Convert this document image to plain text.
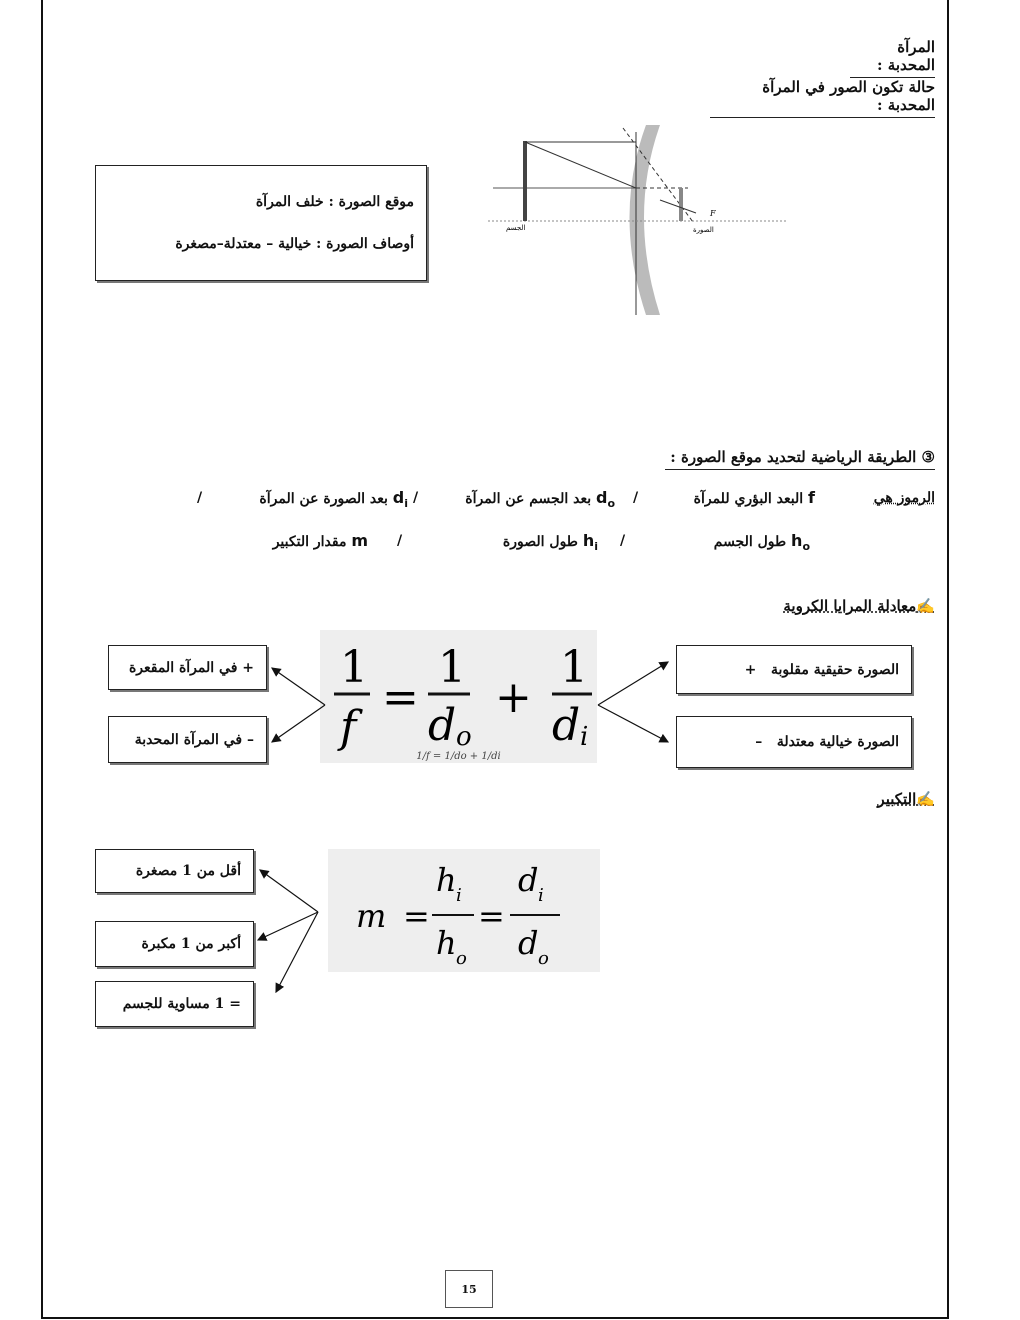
المرآة المحدبة :
حالة تكون الصور في المرآة المحدبة :
موقع الصورة : خلف المرآة
أوصاف الصورة : خيالية – معتدلة–مصغرة
الجسم	الصورة
F
③ الطريقة الرياضية لتحديد موقع الصورة :
الرموز هي
f البعد البؤري للمرآة
/
$d_o$ بعد الجسم عن المرآة
/
$d_i$ بعد الصورة عن المرآة
/
$h_o$ طول الجسم
/
$h_i$ طول الصورة
/
m مقدار التكبير
✍معادلة المرايا الكروية
1
f
=
1
d o
+
1
d i
1/f = 1/do + 1/di
+ في المرآة المقعرة
– في المرآة المحدبة
الصورة حقيقية مقلوبة   +
الصورة خيالية معتدلة   –
✍التكبير
m =
h i
h o
=
d i
d o
أقل من 1 مصغرة
أكبر من 1 مكبرة
= 1 مساوية للجسم
15
